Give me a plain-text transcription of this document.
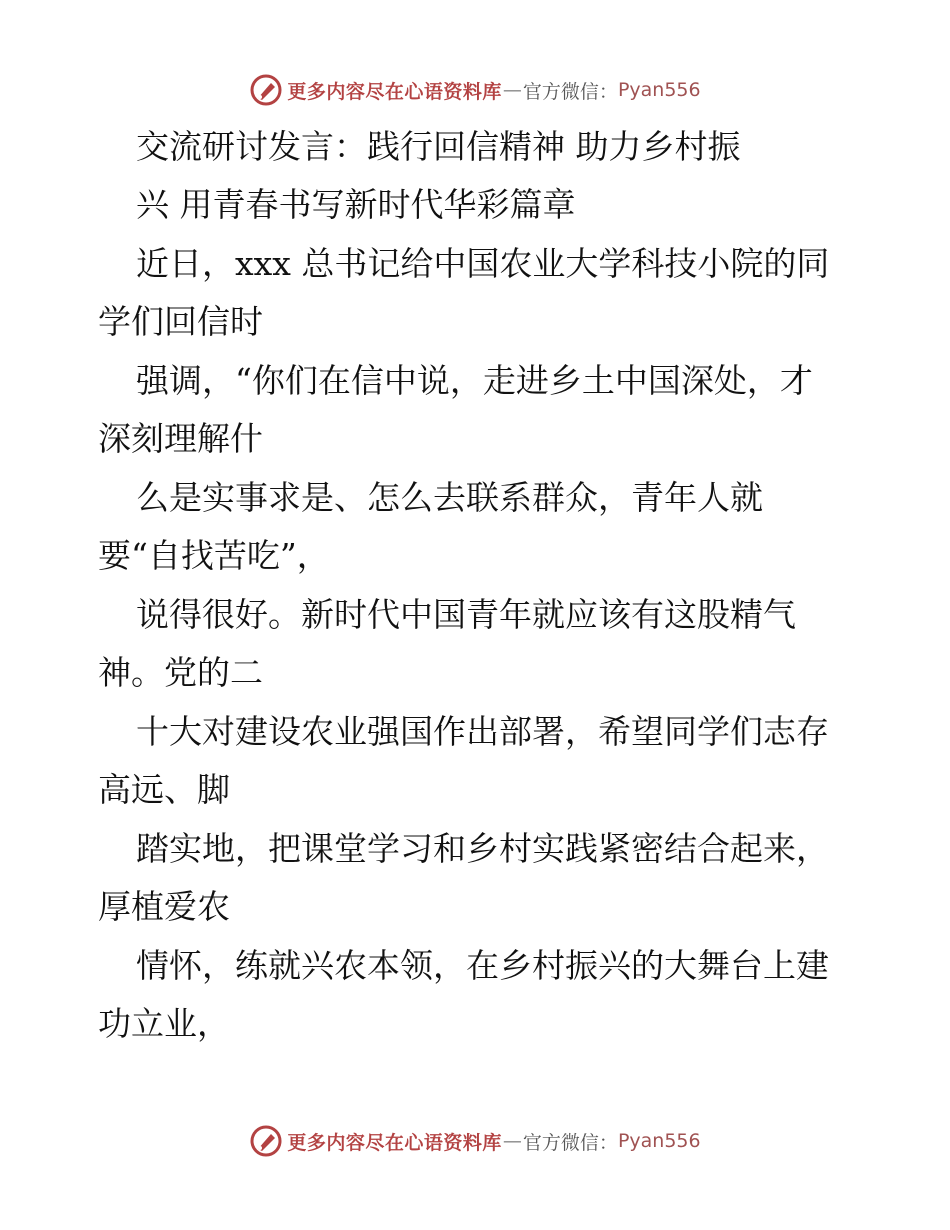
更多内容尽在心语资料库 — 官方微信： Pyan556
交流研讨发言：践行回信精神 助力乡村振
兴 用青春书写新时代华彩篇章
近日，xxx 总书记给中国农业大学科技小院的同
学们回信时
强调，“你们在信中说，走进乡土中国深处，才
深刻理解什
么是实事求是、怎么去联系群众，青年人就
要“自找苦吃”，
说得很好。新时代中国青年就应该有这股精气
神。党的二
十大对建设农业强国作出部署，希望同学们志存
高远、脚
踏实地，把课堂学习和乡村实践紧密结合起来，
厚植爱农
情怀，练就兴农本领，在乡村振兴的大舞台上建
功立业，
更多内容尽在心语资料库 — 官方微信： Pyan556
